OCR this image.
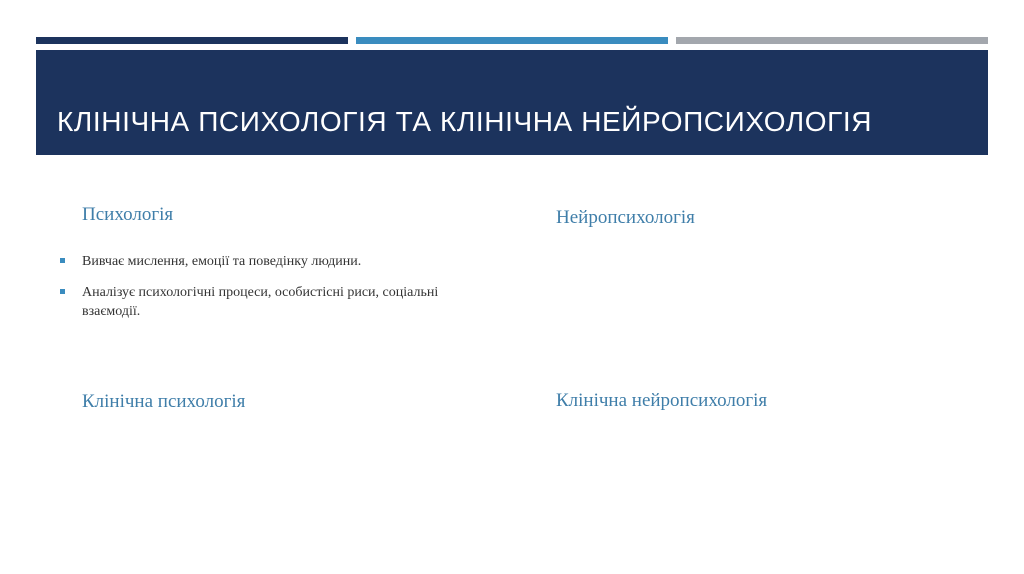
КЛІНІЧНА ПСИХОЛОГІЯ ТА КЛІНІЧНА НЕЙРОПСИХОЛОГІЯ
Психологія	Нейропсихологія
Вивчає мислення, емоції та поведінку людини.
Аналізує психологічні процеси, особистісні риси, соціальні взаємодії.
Клінічна психологія	Клінічна нейропсихологія
